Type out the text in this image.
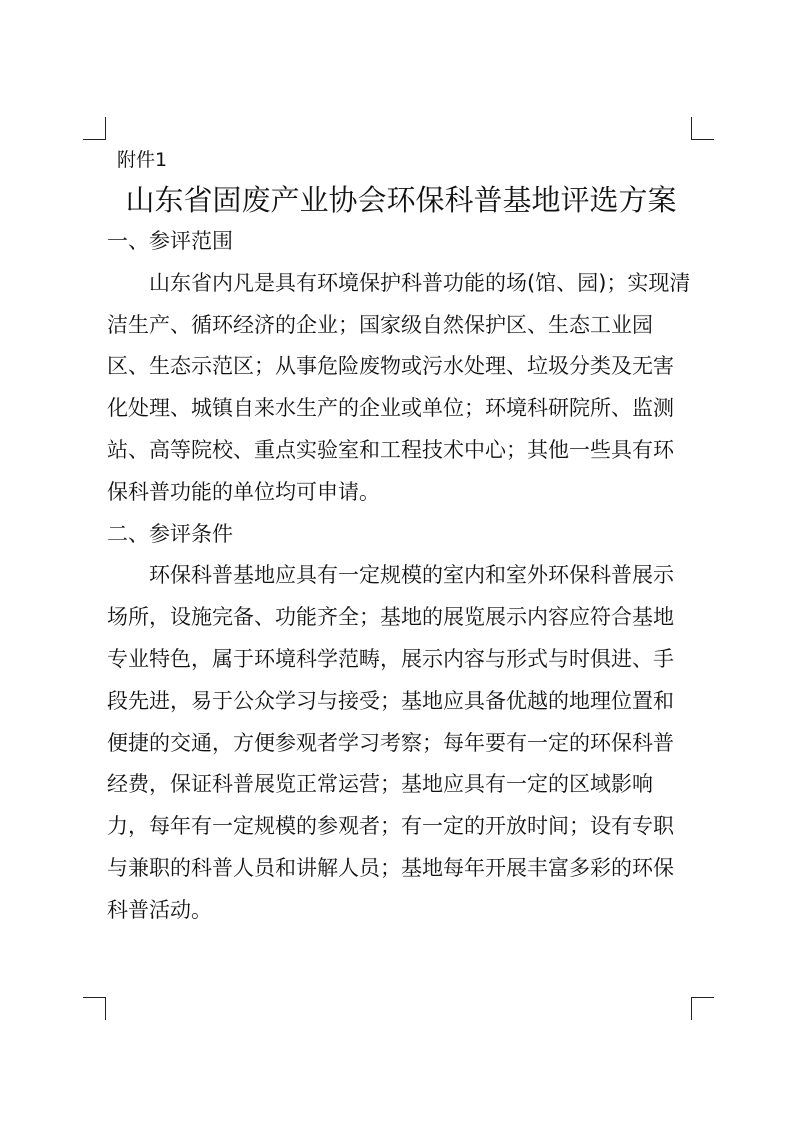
附件1
山东省固废产业协会环保科普基地评选方案
一、参评范围
山东省内凡是具有环境保护科普功能的场(馆、园)；实现清
洁生产、循环经济的企业；国家级自然保护区、生态工业园
区、生态示范区；从事危险废物或污水处理、垃圾分类及无害
化处理、城镇自来水生产的企业或单位；环境科研院所、监测
站、高等院校、重点实验室和工程技术中心；其他一些具有环
保科普功能的单位均可申请。
二、参评条件
环保科普基地应具有一定规模的室内和室外环保科普展示
场所，设施完备、功能齐全；基地的展览展示内容应符合基地
专业特色，属于环境科学范畴，展示内容与形式与时俱进、手
段先进，易于公众学习与接受；基地应具备优越的地理位置和
便捷的交通，方便参观者学习考察；每年要有一定的环保科普
经费，保证科普展览正常运营；基地应具有一定的区域影响
力，每年有一定规模的参观者；有一定的开放时间；设有专职
与兼职的科普人员和讲解人员；基地每年开展丰富多彩的环保
科普活动。
